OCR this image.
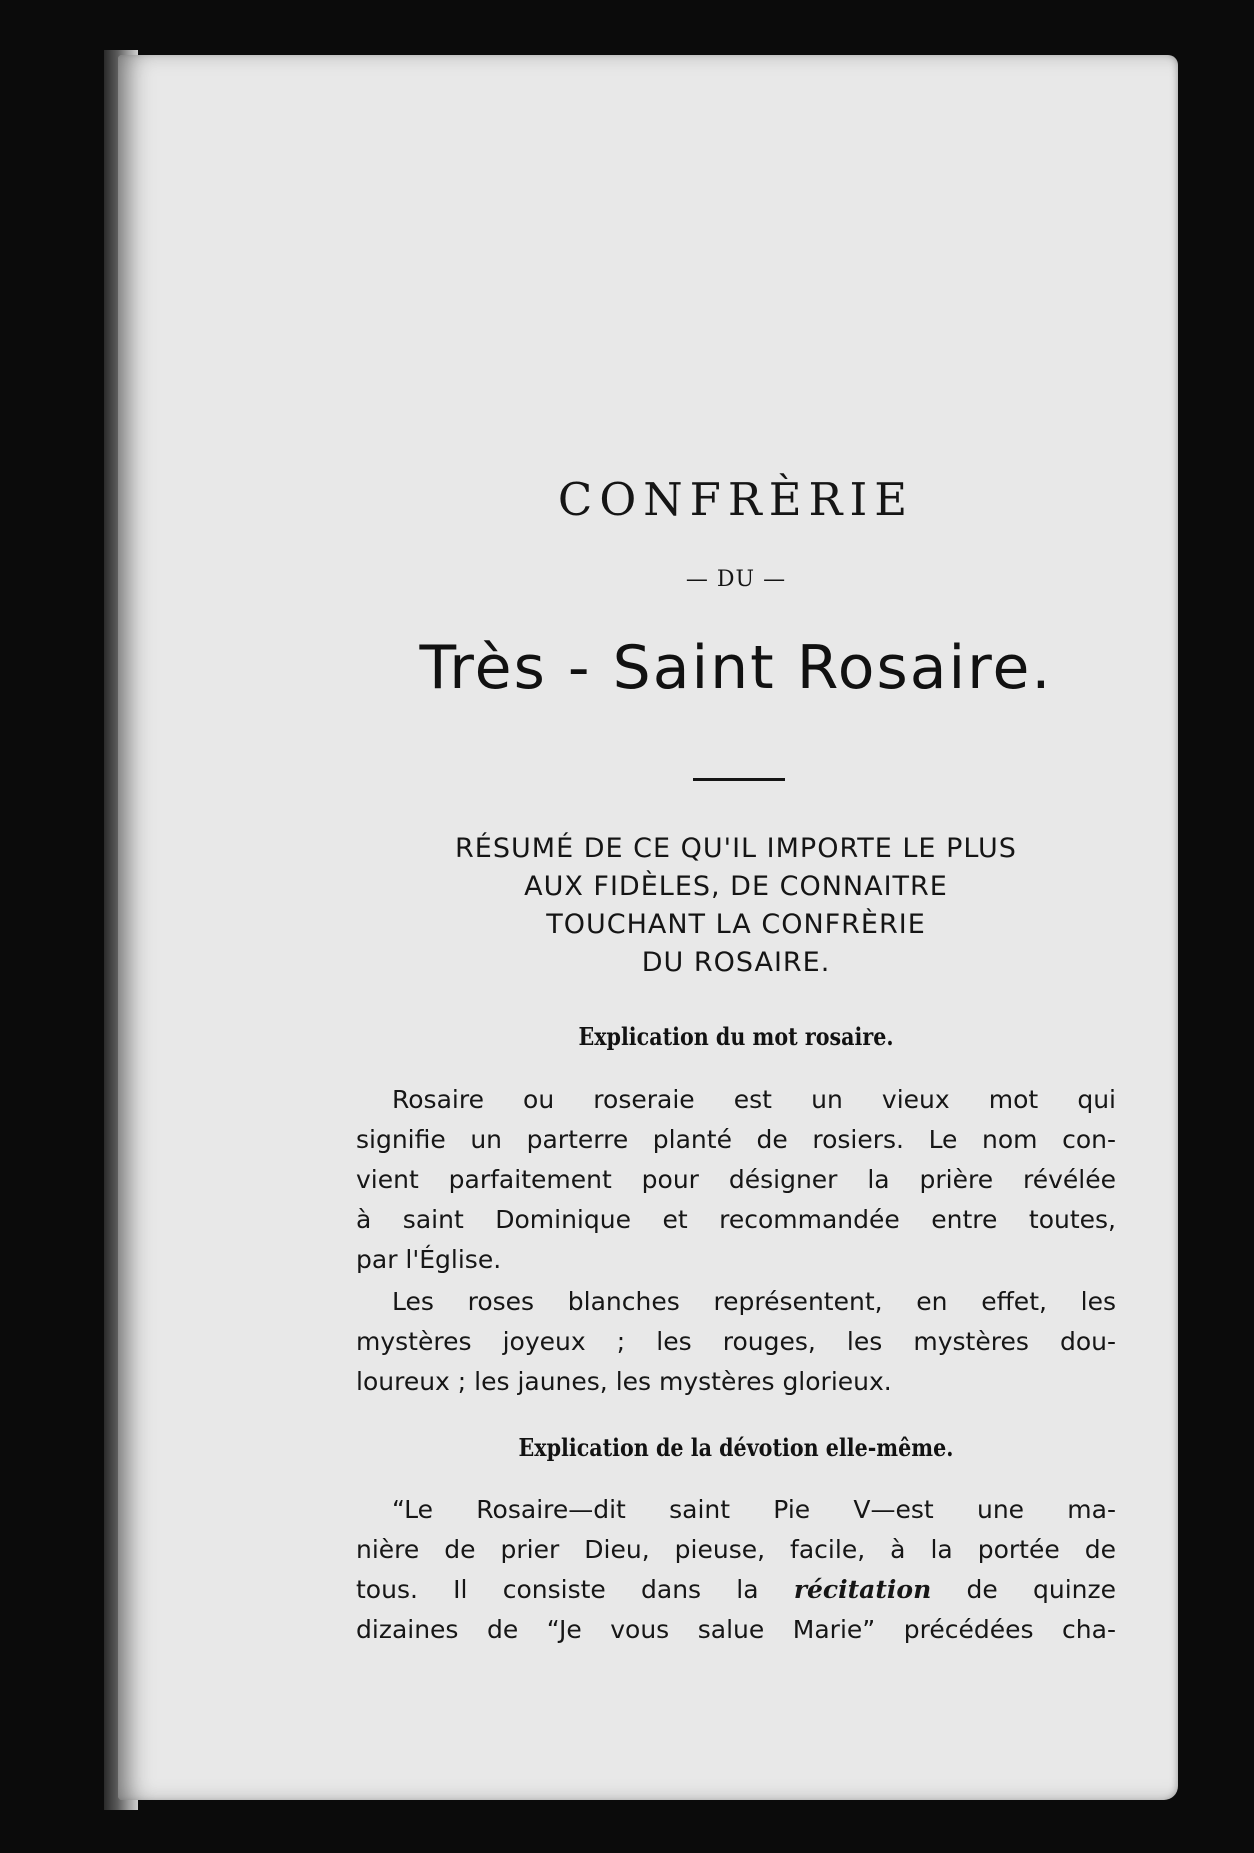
CONFRÈRIE
— DU —
Très - Saint Rosaire.
RÉSUMÉ DE CE QU'IL IMPORTE LE PLUS
AUX FIDÈLES, DE CONNAITRE
TOUCHANT LA CONFRÈRIE
DU ROSAIRE.
Explication du mot rosaire.
Rosaire ou roseraie est un vieux mot qui
signifie un parterre planté de rosiers. Le nom con-
vient parfaitement pour désigner la prière révélée
à saint Dominique et recommandée entre toutes,
par l'Église.
Les roses blanches représentent, en effet, les
mystères joyeux ; les rouges, les mystères dou-
loureux ; les jaunes, les mystères glorieux.
Explication de la dévotion elle-même.
“Le Rosaire—dit saint Pie V—est une ma-
nière de prier Dieu, pieuse, facile, à la portée de
tous. Il consiste dans la récitation de quinze
dizaines de “Je vous salue Marie” précédées cha-
